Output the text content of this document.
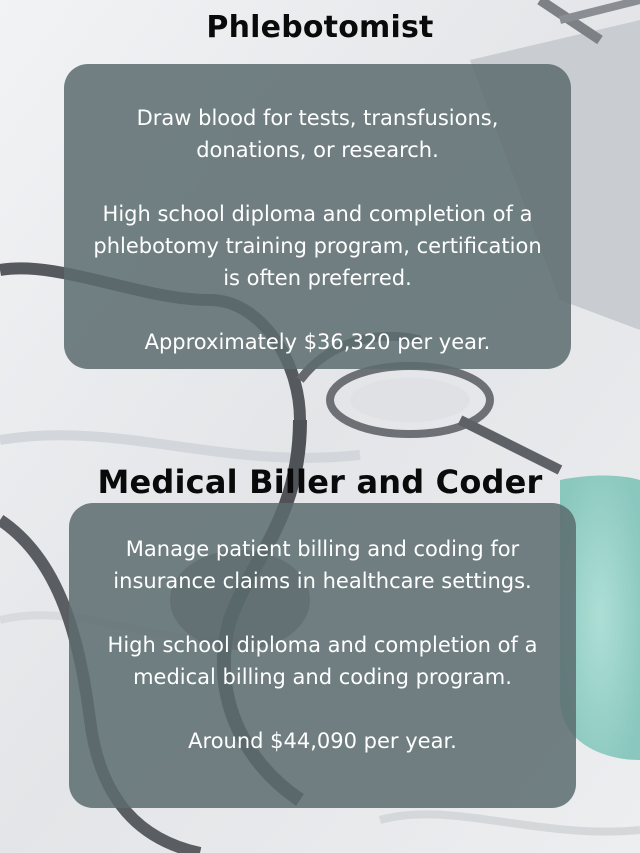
Phlebotomist

Draw blood for tests, transfusions,
donations, or research.

High school diploma and completion of a
phlebotomy training program, certification
is often preferred.

Approximately $36,320 per year.

Medical Biller and Coder

Manage patient billing and coding for
insurance claims in healthcare settings.

High school diploma and completion of a
medical billing and coding program.

Around $44,090 per year.
